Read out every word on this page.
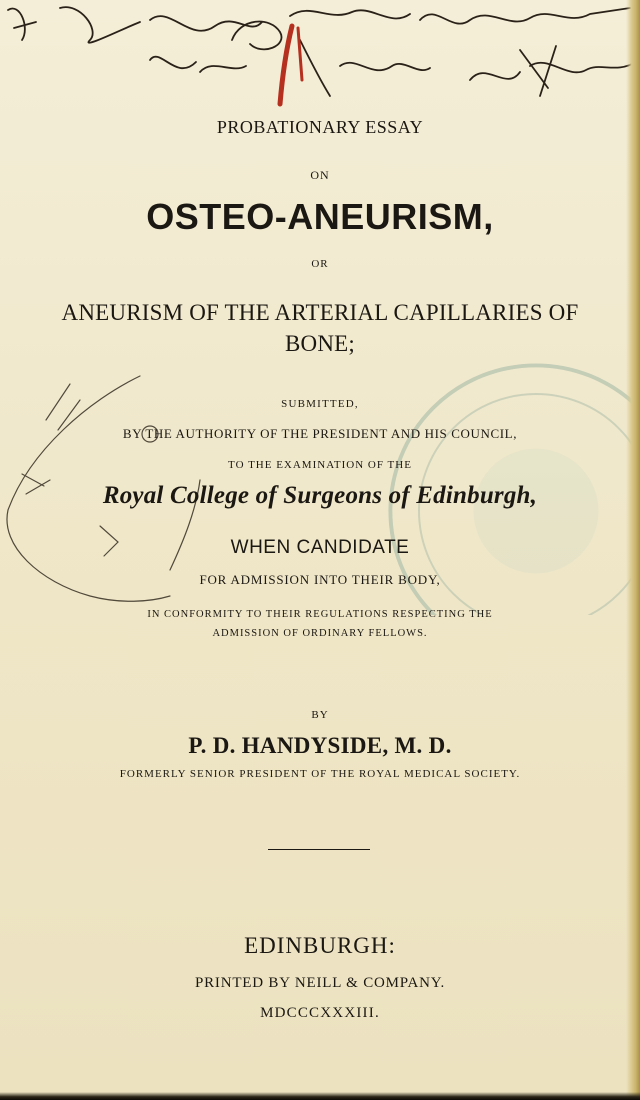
PROBATIONARY ESSAY
ON
OSTEO-ANEURISM,
OR
ANEURISM OF THE ARTERIAL CAPILLARIES OF BONE;
SUBMITTED,
BY THE AUTHORITY OF THE PRESIDENT AND HIS COUNCIL,
TO THE EXAMINATION OF THE
Royal College of Surgeons of Edinburgh,
WHEN CANDIDATE
FOR ADMISSION INTO THEIR BODY,
IN CONFORMITY TO THEIR REGULATIONS RESPECTING THE
ADMISSION OF ORDINARY FELLOWS.
BY
P. D. HANDYSIDE, M. D.
FORMERLY SENIOR PRESIDENT OF THE ROYAL MEDICAL SOCIETY.
EDINBURGH:
PRINTED BY NEILL & COMPANY.
MDCCCXXXIII.
